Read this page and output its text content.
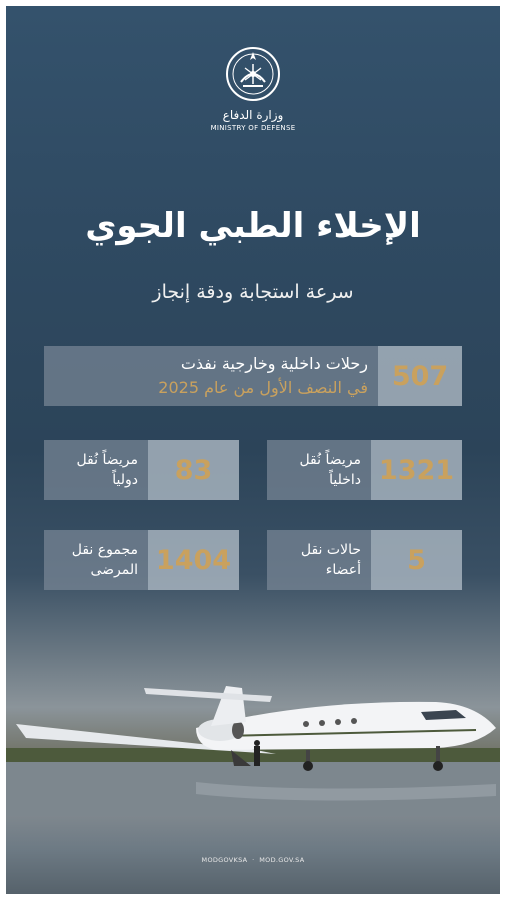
وزارة الدفاع
MINISTRY OF DEFENSE
الإخلاء الطبي الجوي
سرعة استجابة ودقة إنجاز
رحلات داخلية وخارجية نفذت
في النصف الأول من عام 2025 507
مريضاً نُقل
داخلياً 1321
مريضاً نُقل
دولياً	83
حالات نقل
أعضاء	5
مجموع نقل
المرضى 1404
MODGOVKSA  ·  MOD.GOV.SA
